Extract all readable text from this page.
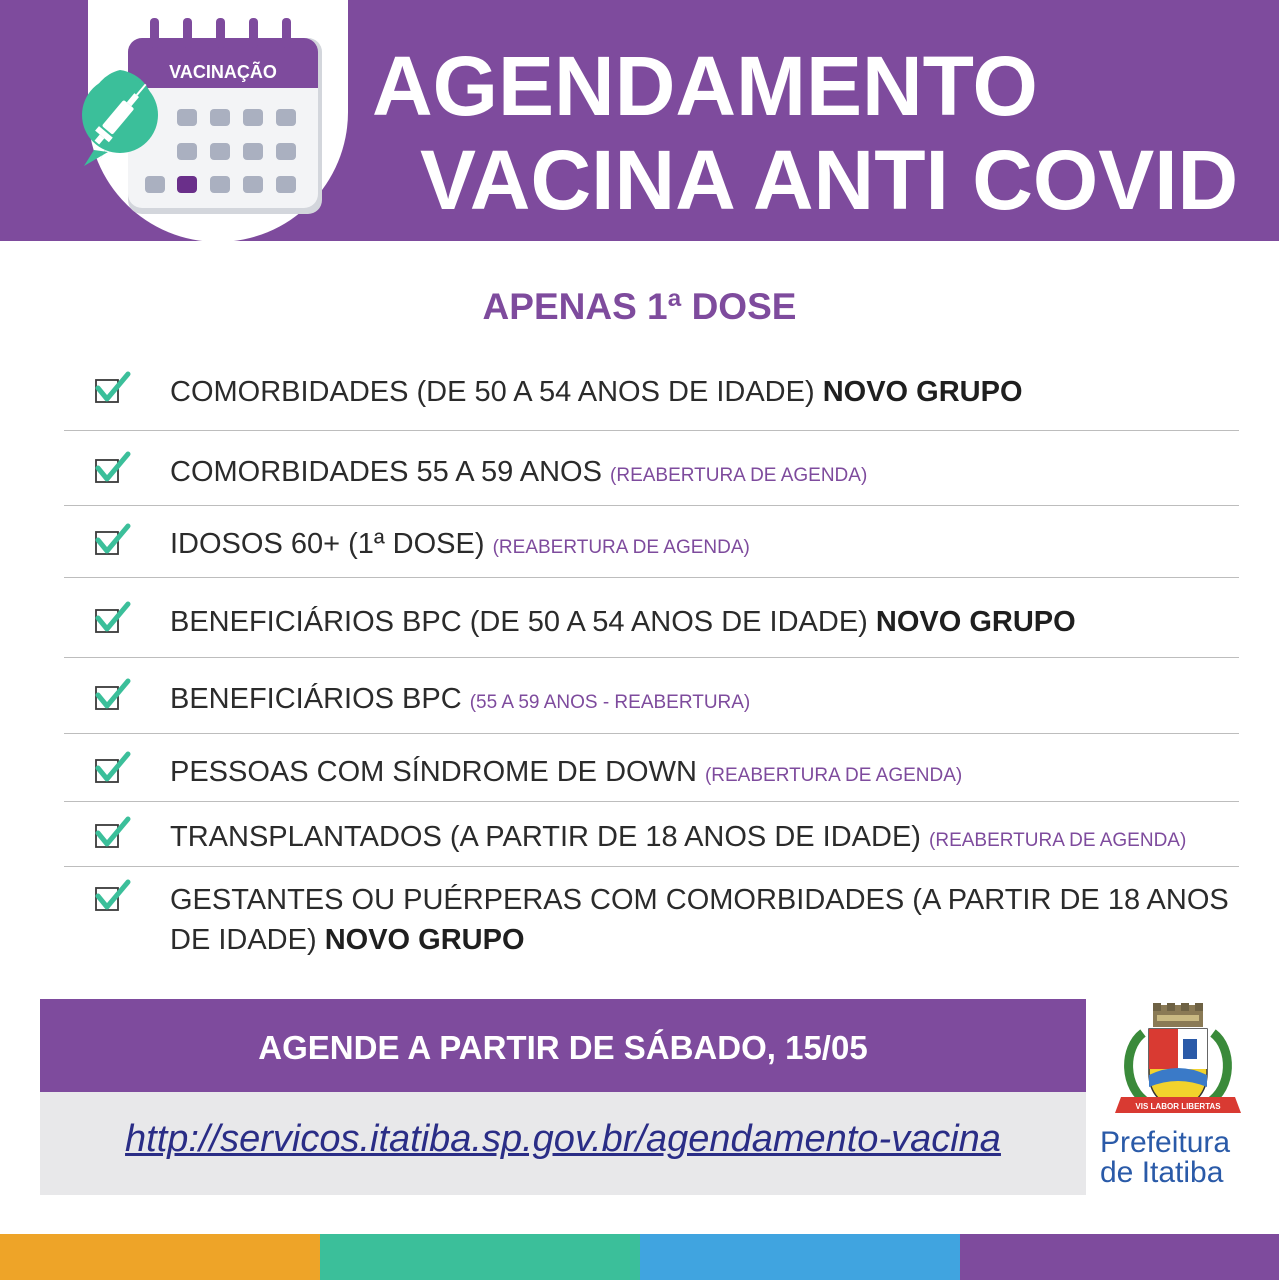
VACINAÇÃO AGENDAMENTO
VACINA ANTI COVID
APENAS 1ª DOSE
COMORBIDADES (DE 50 A 54 ANOS DE IDADE) NOVO GRUPO
COMORBIDADES 55 A 59 ANOS (REABERTURA DE AGENDA)
IDOSOS 60+ (1ª DOSE) (REABERTURA DE AGENDA)
BENEFICIÁRIOS BPC (DE 50 A 54 ANOS DE IDADE) NOVO GRUPO
BENEFICIÁRIOS BPC (55 A 59 ANOS - REABERTURA)
PESSOAS COM SÍNDROME DE DOWN (REABERTURA DE AGENDA)
TRANSPLANTADOS (A PARTIR DE 18 ANOS DE IDADE) (REABERTURA DE AGENDA)
GESTANTES OU PUÉRPERAS COM COMORBIDADES (A PARTIR DE 18 ANOS DE IDADE) NOVO GRUPO
AGENDE A PARTIR DE SÁBADO, 15/05
http://servicos.itatiba.sp.gov.br/agendamento-vacina
VIS LABOR LIBERTAS
Prefeitura
de Itatiba
